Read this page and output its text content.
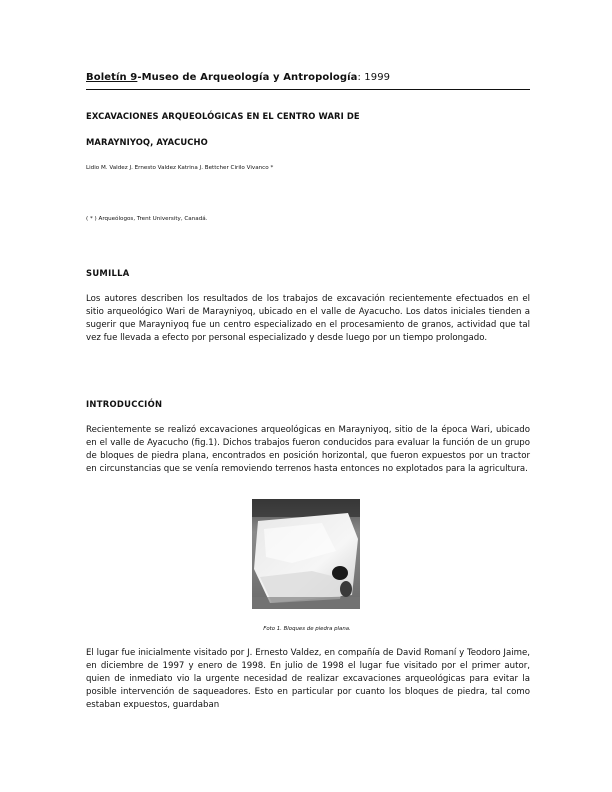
Boletín 9-Museo de Arqueología y Antropología: 1999
EXCAVACIONES ARQUEOLÓGICAS EN EL CENTRO WARI DE
MARAYNIYOQ, AYACUCHO
Lidio M. Valdez J. Ernesto Valdez Katrina J. Bettcher Cirilo Vivanco *
( * ) Arqueólogos, Trent University, Canadá.
SUMILLA
Los autores describen los resultados de los trabajos de excavación recientemente efectuados en el sitio arqueológico Wari de Marayniyoq, ubicado en el valle de Ayacucho. Los datos iniciales tienden a sugerir que Marayniyoq fue un centro especializado en el procesamiento de granos, actividad que tal vez fue llevada a efecto por personal especializado y desde luego por un tiempo prolongado.
INTRODUCCIÓN
Recientemente se realizó excavaciones arqueológicas en Marayniyoq, sitio de la época Wari, ubicado en el valle de Ayacucho (fig.1). Dichos trabajos fueron conducidos para evaluar la función de un grupo de bloques de piedra plana, encontrados en posición horizontal, que fueron expuestos por un tractor en circunstancias que se venía removiendo terrenos hasta entonces no explotados para la agricultura.
Foto 1. Bloques de piedra plana.
El lugar fue inicialmente visitado por J. Ernesto Valdez, en compañía de David Romaní y Teodoro Jaime, en diciembre de 1997 y enero de 1998. En julio de 1998 el lugar fue visitado por el primer autor, quien de inmediato vio la urgente necesidad de realizar excavaciones arqueológicas para evitar la posible intervención de saqueadores. Esto en particular por cuanto los bloques de piedra, tal como estaban expuestos, guardaban
